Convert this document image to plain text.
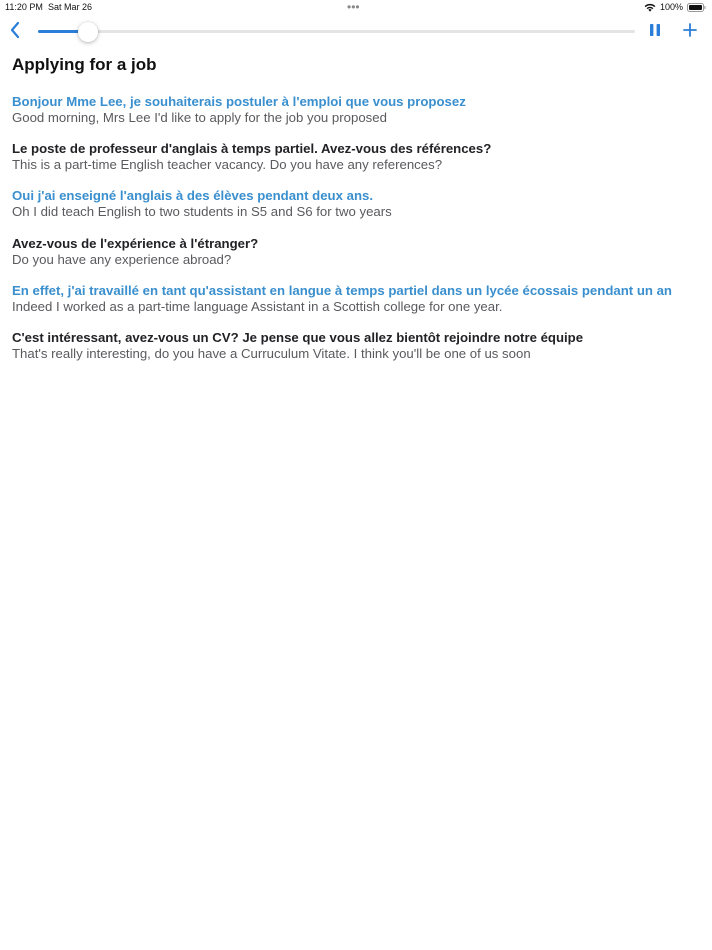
11:20 PM Sat Mar 26	•••	100%
Applying for a job
Bonjour Mme Lee, je souhaiterais postuler à l'emploi que vous proposez
Good morning, Mrs Lee I'd like to apply for the job you proposed
Le poste de professeur d'anglais à temps partiel. Avez-vous des références?
This is a part-time English teacher vacancy. Do you have any references?
Oui j'ai enseigné l'anglais à des élèves pendant deux ans.
Oh I did teach English to two students in S5 and S6 for two years
Avez-vous de l'expérience à l'étranger?
Do you have any experience abroad?
En effet, j'ai travaillé en tant qu'assistant en langue à temps partiel dans un lycée écossais pendant un an
Indeed I worked as a part-time language Assistant in a Scottish college for one year.
C'est intéressant, avez-vous un CV? Je pense que vous allez bientôt rejoindre notre équipe
That's really interesting, do you have a Curruculum Vitate. I think you'll be one of us soon
